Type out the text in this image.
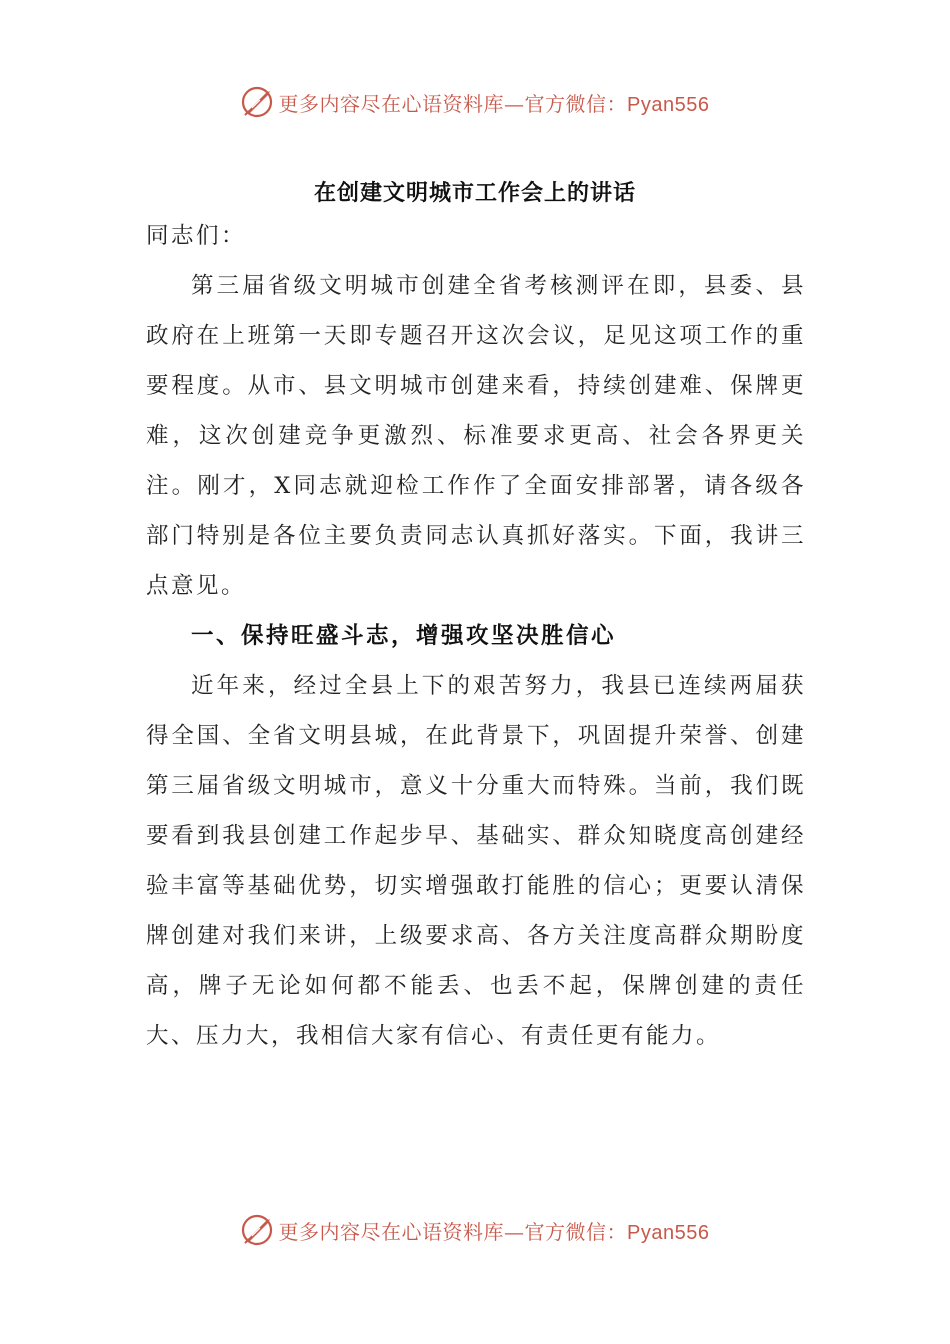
更多内容尽在心语资料库—官方微信：Pyan556
在创建文明城市工作会上的讲话

同志们：

第三届省级文明城市创建全省考核测评在即，县委、县政府在上班第一天即专题召开这次会议，足见这项工作的重要程度。从市、县文明城市创建来看，持续创建难、保牌更难，这次创建竞争更激烈、标准要求更高、社会各界更关注。刚才，X同志就迎检工作作了全面安排部署，请各级各部门特别是各位主要负责同志认真抓好落实。下面，我讲三点意见。

一、保持旺盛斗志，增强攻坚决胜信心

近年来，经过全县上下的艰苦努力，我县已连续两届获得全国、全省文明县城，在此背景下，巩固提升荣誉、创建第三届省级文明城市，意义十分重大而特殊。当前，我们既要看到我县创建工作起步早、基础实、群众知晓度高创建经验丰富等基础优势，切实增强敢打能胜的信心；更要认清保牌创建对我们来讲，上级要求高、各方关注度高群众期盼度高，牌子无论如何都不能丢、也丢不起，保牌创建的责任大、压力大，我相信大家有信心、有责任更有能力。

更多内容尽在心语资料库—官方微信：Pyan556
